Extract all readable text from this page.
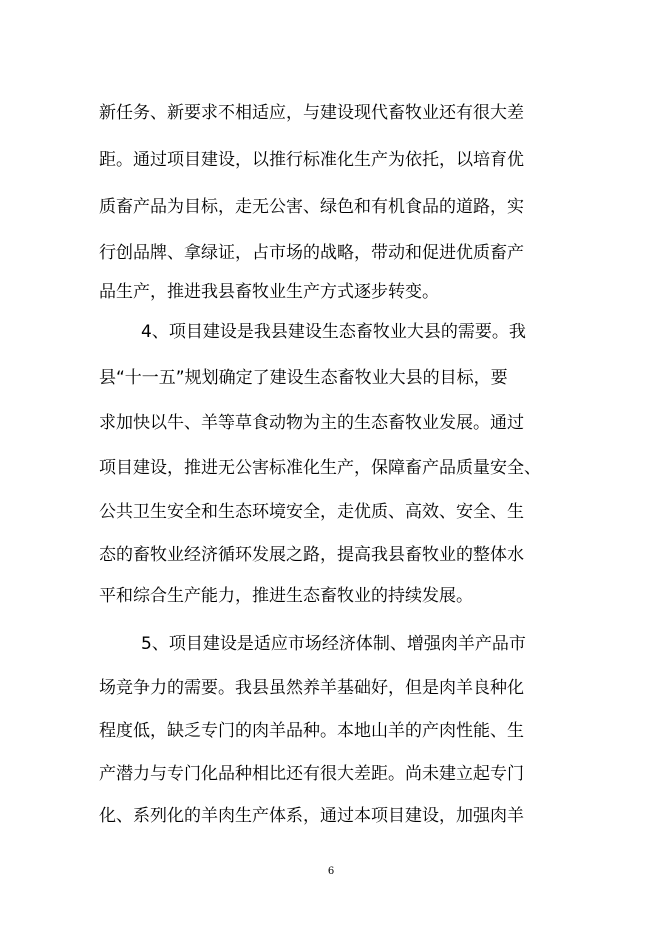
新任务、新要求不相适应，与建设现代畜牧业还有很大差
距。通过项目建设，以推行标准化生产为依托，以培育优
质畜产品为目标，走无公害、绿色和有机食品的道路，实
行创品牌、拿绿证，占市场的战略，带动和促进优质畜产
品生产，推进我县畜牧业生产方式逐步转变。
4、项目建设是我县建设生态畜牧业大县的需要。我
县“十一五”规划确定了建设生态畜牧业大县的目标，要
求加快以牛、羊等草食动物为主的生态畜牧业发展。通过
项目建设，推进无公害标准化生产，保障畜产品质量安全、
公共卫生安全和生态环境安全，走优质、高效、安全、生
态的畜牧业经济循环发展之路，提高我县畜牧业的整体水
平和综合生产能力，推进生态畜牧业的持续发展。
5、项目建设是适应市场经济体制、增强肉羊产品市
场竞争力的需要。我县虽然养羊基础好，但是肉羊良种化
程度低，缺乏专门的肉羊品种。本地山羊的产肉性能、生
产潜力与专门化品种相比还有很大差距。尚未建立起专门
化、系列化的羊肉生产体系，通过本项目建设，加强肉羊
6
